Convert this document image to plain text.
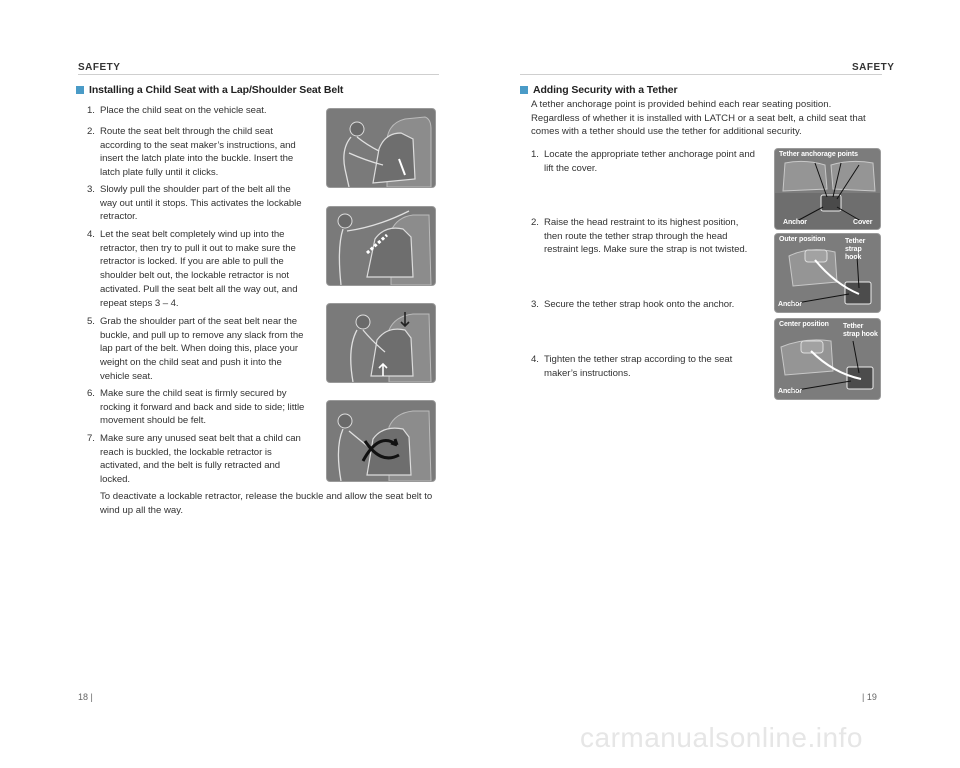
SAFETY	SAFETY
Installing a Child Seat with a Lap/Shoulder Seat Belt
1. Place the child seat on the vehicle seat.
2. Route the seat belt through the child seat according to the seat maker’s instructions, and insert the latch plate into the buckle. Insert the latch plate fully until it clicks.
3. Slowly pull the shoulder part of the belt all the way out until it stops. This activates the lockable retractor.
4. Let the seat belt completely wind up into the retractor, then try to pull it out to make sure the retractor is locked. If you are able to pull the shoulder belt out, the lockable retractor is not activated. Pull the seat belt all the way out, and repeat steps 3 – 4.
5. Grab the shoulder part of the seat belt near the buckle, and pull up to remove any slack from the lap part of the belt. When doing this, place your weight on the child seat and push it into the vehicle seat.
6. Make sure the child seat is firmly secured by rocking it forward and back and side to side; little movement should be felt.
7. Make sure any unused seat belt that a child can reach is buckled, the lockable retractor is activated, and the belt is fully retracted and locked.
To deactivate a lockable retractor, release the buckle and allow the seat belt to wind up all the way.
Adding Security with a Tether
A tether anchorage point is provided behind each rear seating position. Regardless of whether it is installed with LATCH or a seat belt, a child seat that comes with a tether should use the tether for additional security.
1. Locate the appropriate tether anchorage point and lift the cover.
2. Raise the head restraint to its highest position, then route the tether strap through the head restraint legs. Make sure the strap is not twisted.
3. Secure the tether strap hook onto the anchor.
4. Tighten the tether strap according to the seat maker’s instructions.
Tether anchorage points
Anchor	Cover
Outer position	Tether strap hook
Anchor
Center position Tether strap hook
Anchor
18 |	| 19
carmanualsonline.info
